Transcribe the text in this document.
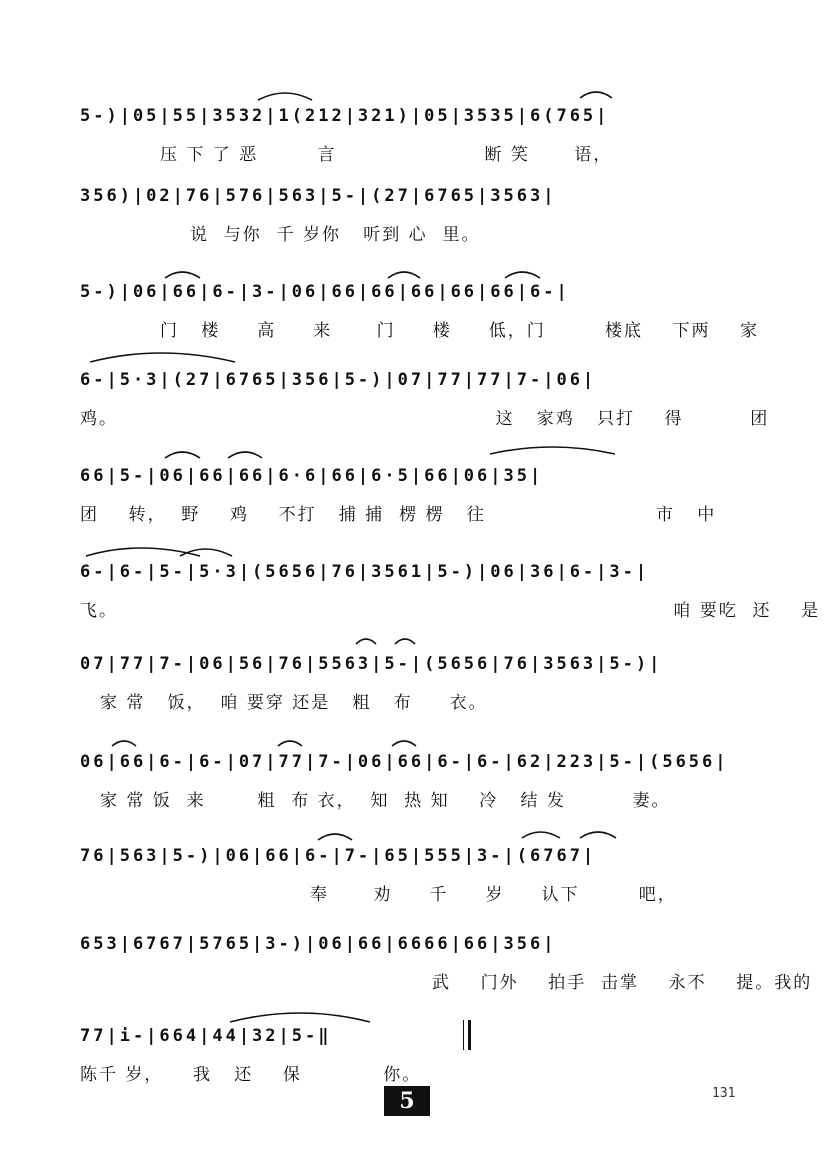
5-)|05|55|3532|1(212|321)|05|3535|6(765|
压 下 了 恶        言                    断 笑      语，
356)|02|76|576|563|5-|(27|6765|3563|
说  与你  千 岁你   听到 心  里。
5-)|06|66|6-|3-|06|66|66|66|66|66|6-|
门   楼     高     来      门     楼     低，门        楼底    下两    家
6-|5·3|(27|6765|356|5-)|07|77|77|7-|06|
鸡。                                                   这   家鸡   只打    得         团
66|5-|06|66|66|6·6|66|6·5|66|06|35|
团    转，  野    鸡    不打   捕 捕  楞 楞   往                       市   中
6-|6-|5-|5·3|(5656|76|3561|5-)|06|36|6-|3-|
飞。                                                                           咱 要吃  还    是
07|77|7-|06|56|76|5563|5-|(5656|76|3563|5-)|
家 常   饭，  咱 要穿 还是   粗   布     衣。
06|66|6-|6-|07|77|7-|06|66|6-|6-|62|223|5-|(5656|
家 常 饭  来       粗  布 衣，  知  热 知    冷   结 发         妻。
76|563|5-)|06|66|6-|7-|65|555|3-|(6767|
奉      劝     千     岁     认下        吧，
653|6767|5765|3-)|06|66|6666|66|356|
武    门外    拍手  击掌    永不    提。我的
77|i-|664|44|32|5-‖
陈千 岁，    我   还    保           你。
5	131
